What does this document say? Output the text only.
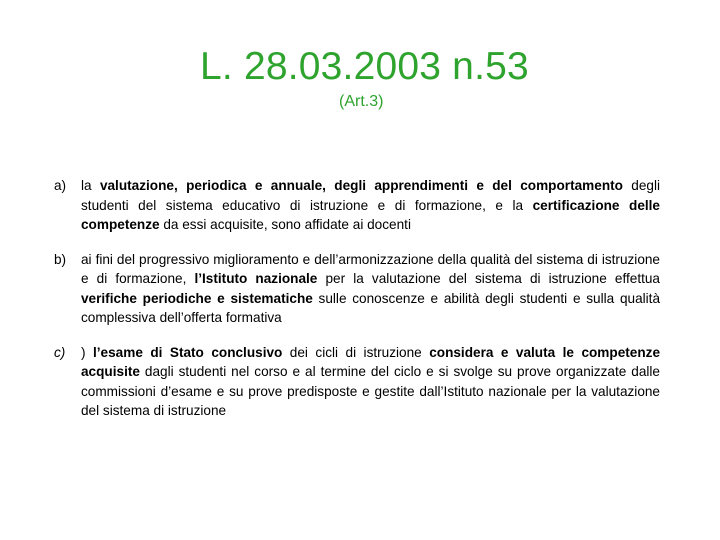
L. 28.03.2003 n.53
(Art.3)
a) la valutazione, periodica e annuale, degli apprendimenti e del comportamento degli studenti del sistema educativo di istruzione e di formazione, e la certificazione delle competenze da essi acquisite, sono affidate ai docenti
b) ai fini del progressivo miglioramento e dell’armonizzazione della qualità del sistema di istruzione e di formazione, l’Istituto nazionale per la valutazione del sistema di istruzione effettua verifiche periodiche e sistematiche sulle conoscenze e abilità degli studenti e sulla qualità complessiva dell’offerta formativa
c) ) l’esame di Stato conclusivo dei cicli di istruzione considera e valuta le competenze acquisite dagli studenti nel corso e al termine del ciclo e si svolge su prove organizzate dalle commissioni d’esame e su prove predisposte e gestite dall’Istituto nazionale per la valutazione del sistema di istruzione
